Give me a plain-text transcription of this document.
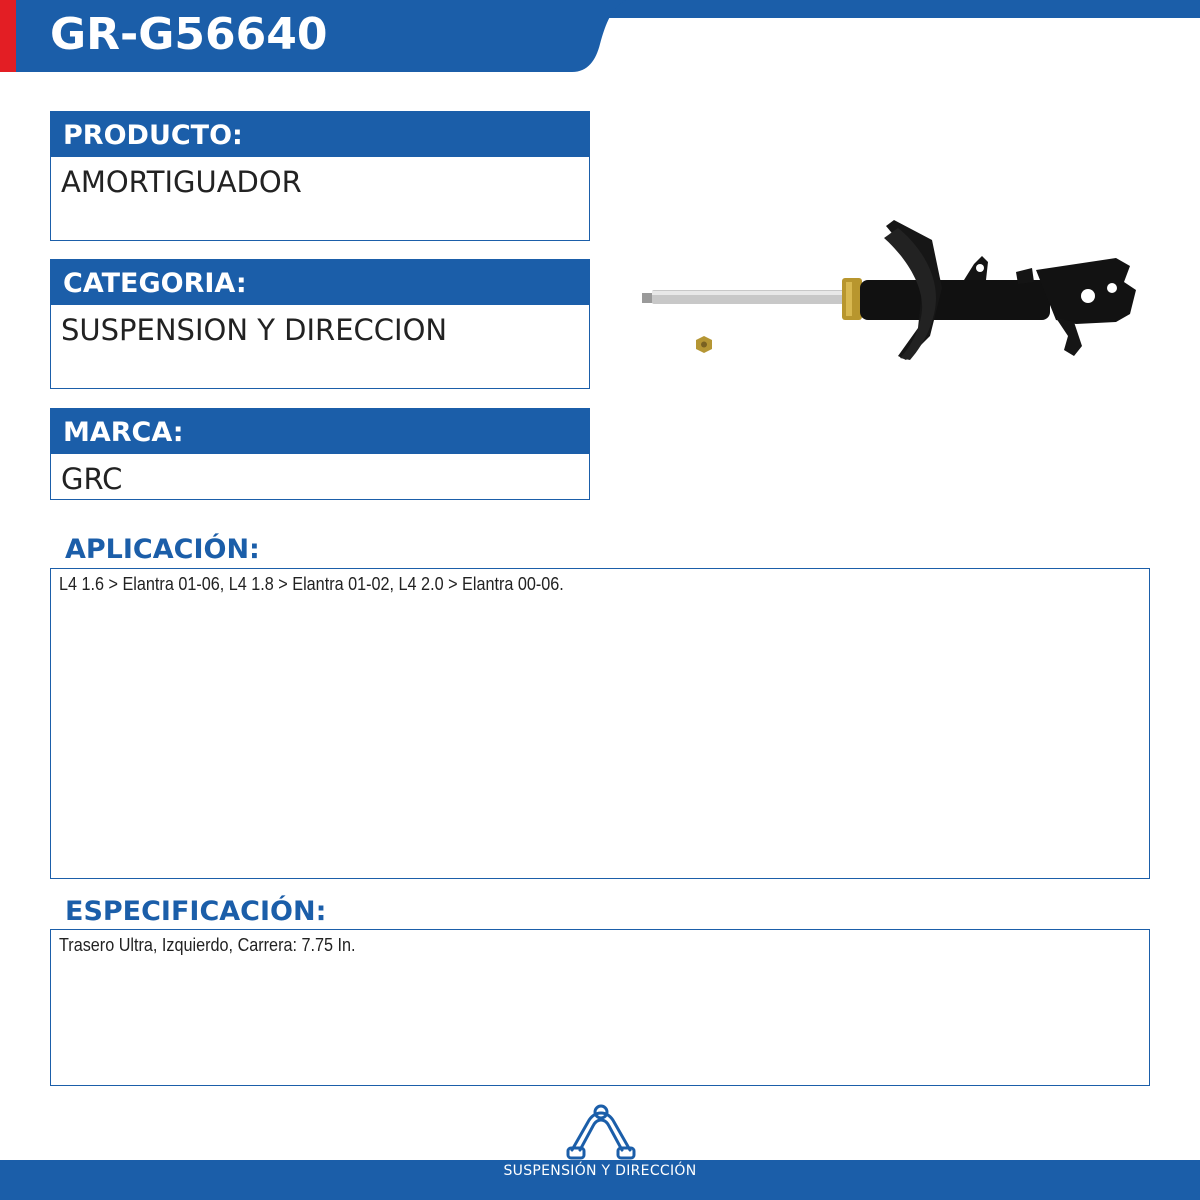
GR-G56640
PRODUCTO:
AMORTIGUADOR
CATEGORIA:
SUSPENSION Y DIRECCION
MARCA:
GRC
APLICACIÓN:
L4 1.6 > Elantra 01-06, L4 1.8 > Elantra 01-02, L4 2.0 > Elantra 00-06.
ESPECIFICACIÓN:
Trasero Ultra, Izquierdo, Carrera: 7.75 In.
SUSPENSIÓN Y DIRECCIÓN
